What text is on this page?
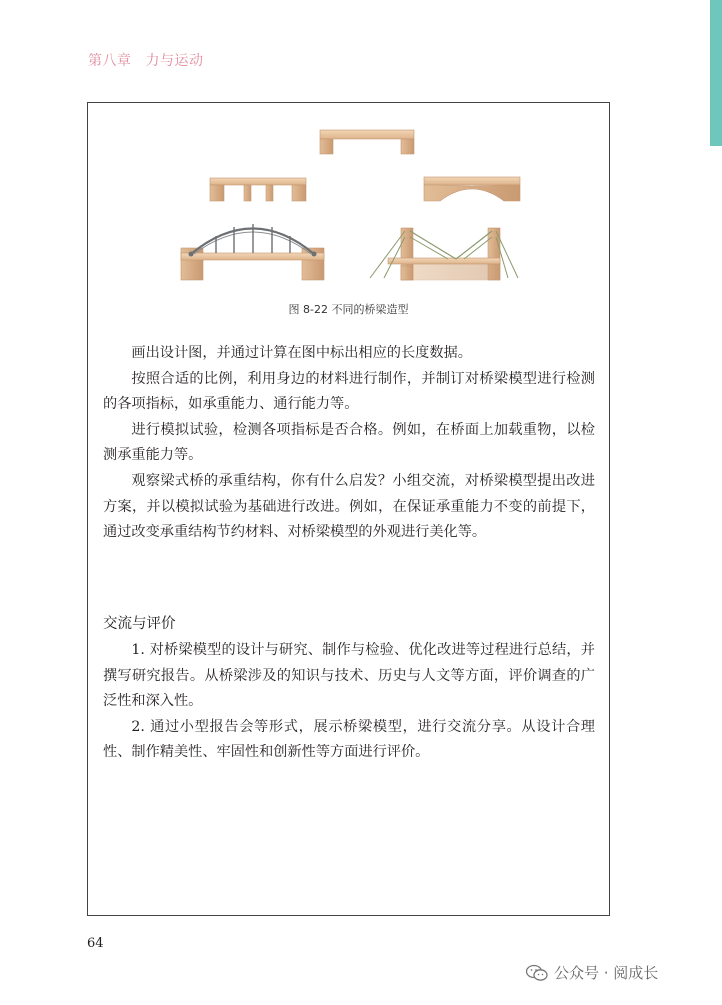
第八章 力与运动
图 8-22 不同的桥梁造型

画出设计图，并通过计算在图中标出相应的长度数据。

按照合适的比例，利用身边的材料进行制作，并制订对桥梁模型进行检测的各项指标，如承重能力、通行能力等。

进行模拟试验，检测各项指标是否合格。例如，在桥面上加载重物，以检测承重能力等。

观察梁式桥的承重结构，你有什么启发？小组交流，对桥梁模型提出改进方案，并以模拟试验为基础进行改进。例如，在保证承重能力不变的前提下，通过改变承重结构节约材料、对桥梁模型的外观进行美化等。

交流与评价

1. 对桥梁模型的设计与研究、制作与检验、优化改进等过程进行总结，并撰写研究报告。从桥梁涉及的知识与技术、历史与人文等方面，评价调查的广泛性和深入性。

2. 通过小型报告会等形式，展示桥梁模型，进行交流分享。从设计合理性、制作精美性、牢固性和创新性等方面进行评价。

64
公众号 · 阅成长
